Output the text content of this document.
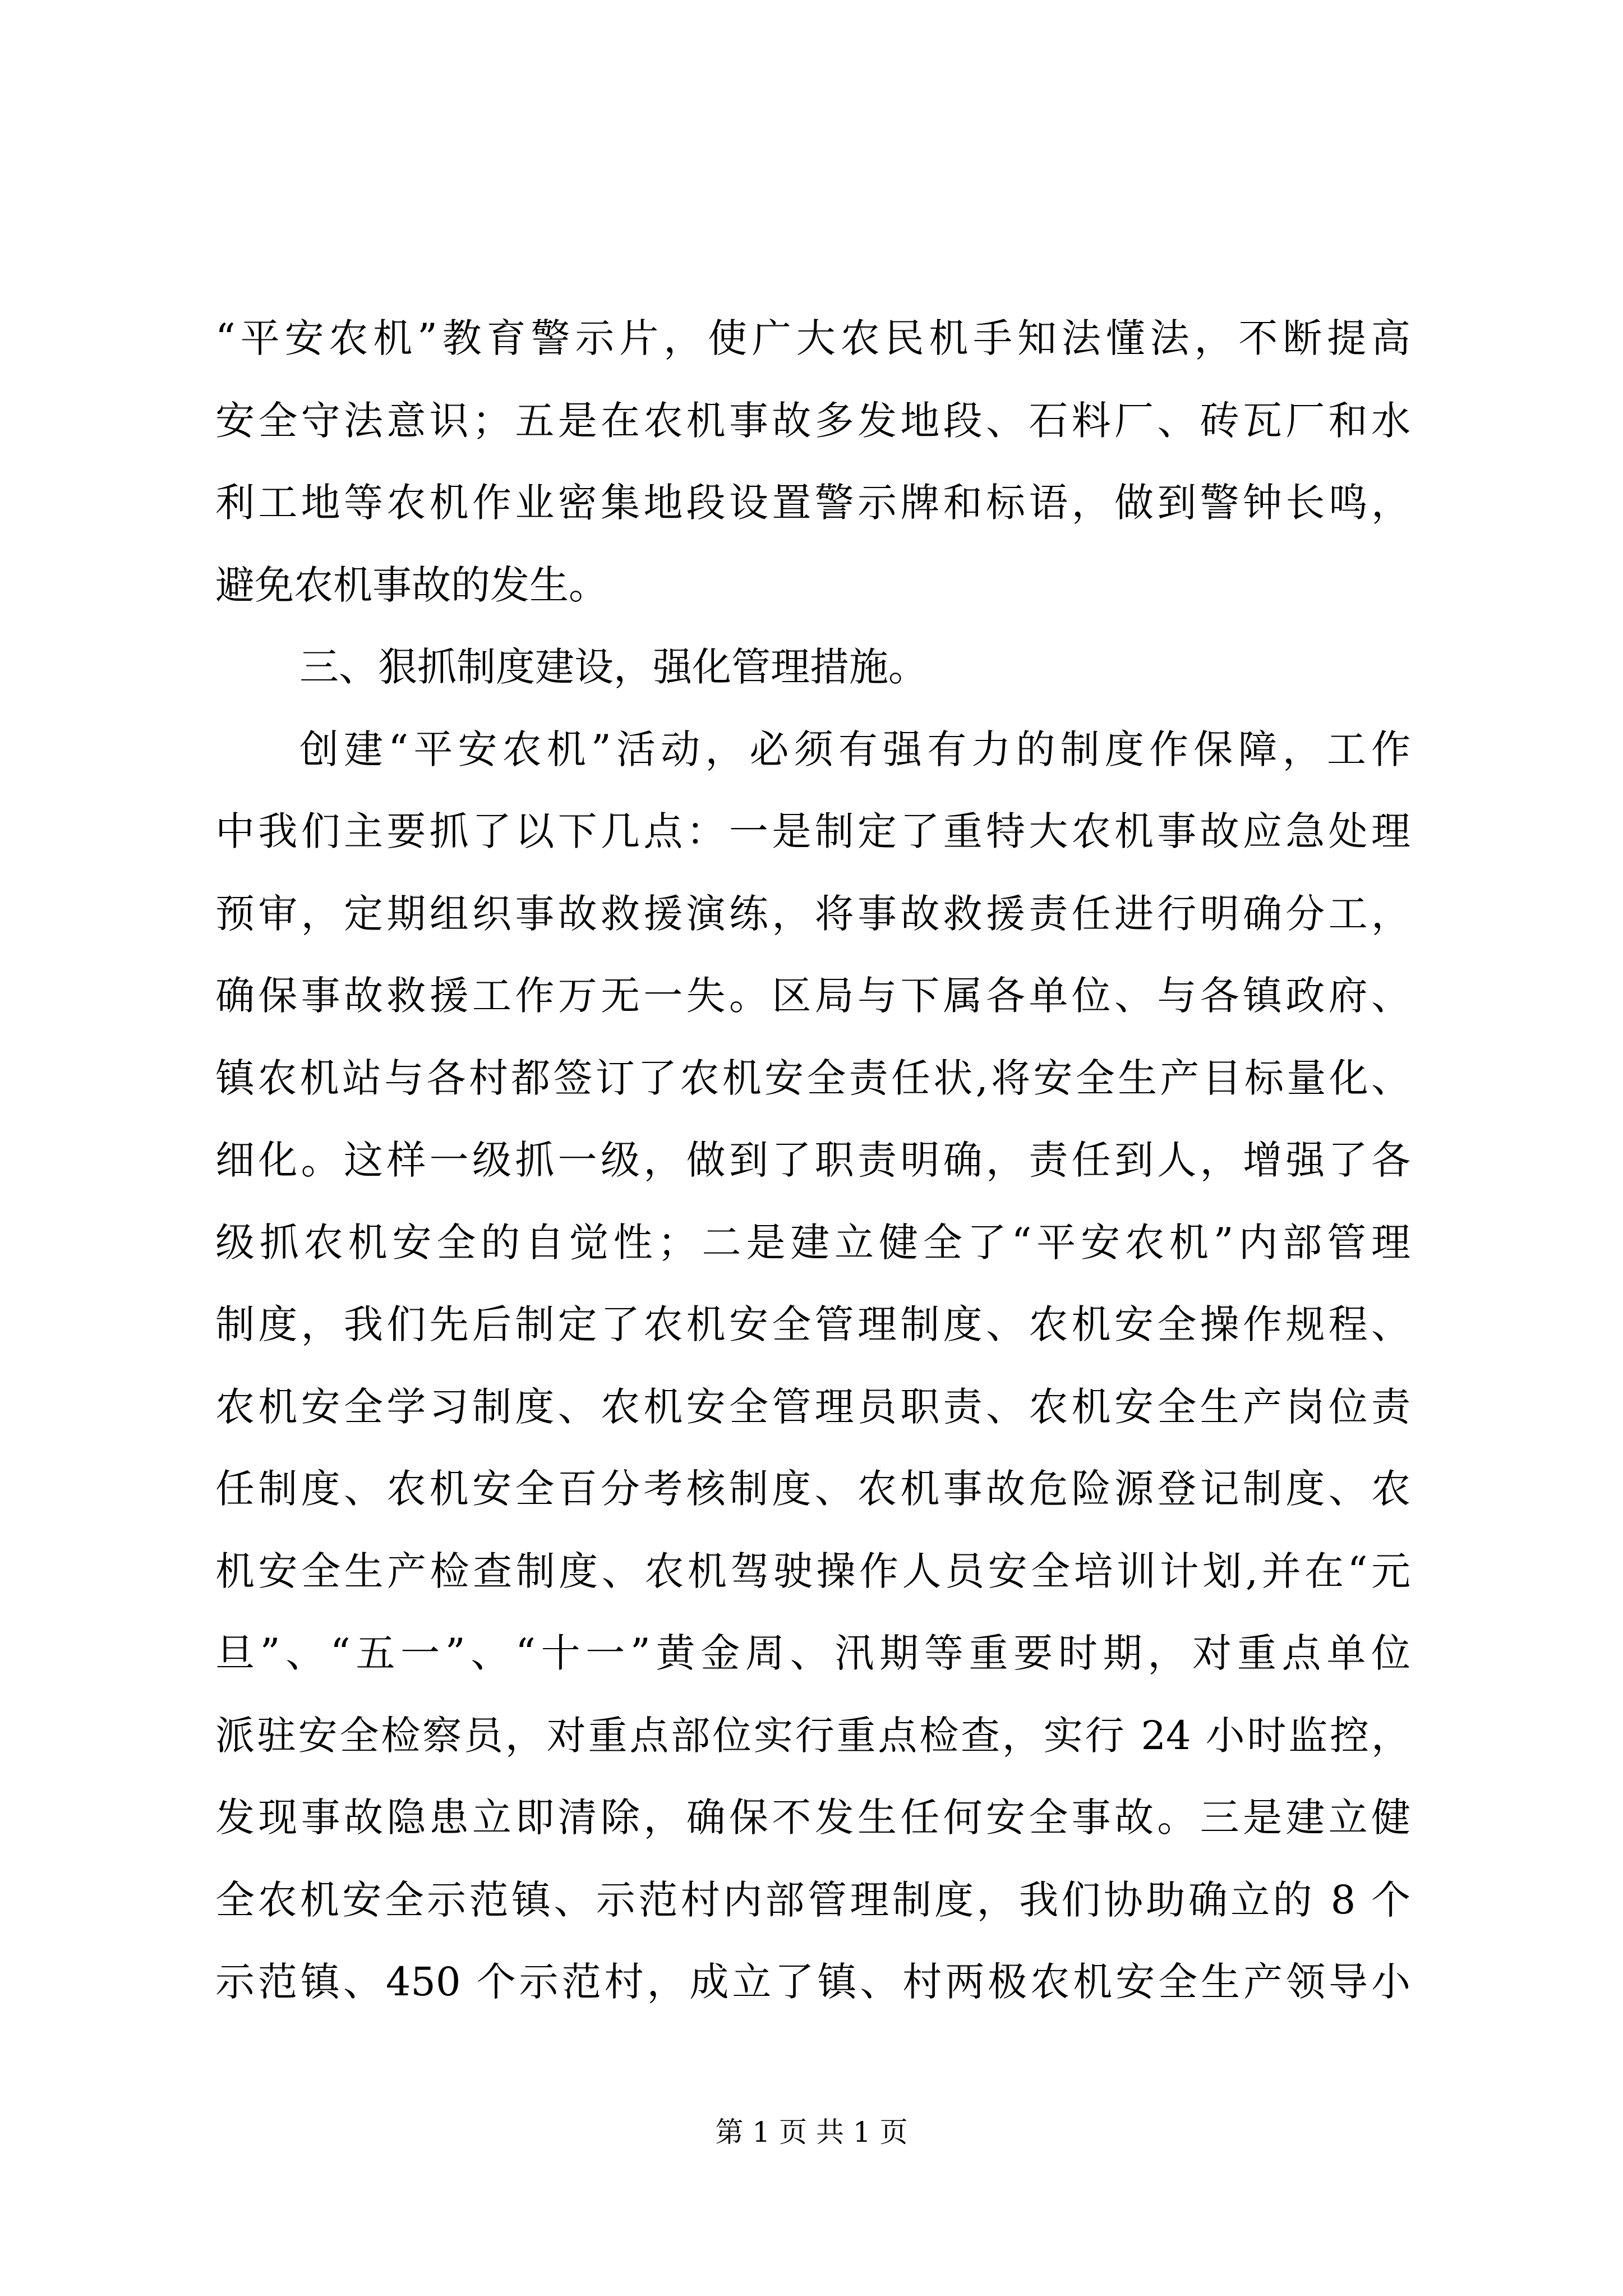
“平安农机”教育警示片，使广大农民机手知法懂法，不断提高
安全守法意识；五是在农机事故多发地段、石料厂、砖瓦厂和水
利工地等农机作业密集地段设置警示牌和标语，做到警钟长鸣，
避免农机事故的发生。
三、狠抓制度建设，强化管理措施。
创建“平安农机”活动，必须有强有力的制度作保障，工作
中我们主要抓了以下几点：一是制定了重特大农机事故应急处理
预审，定期组织事故救援演练，将事故救援责任进行明确分工，
确保事故救援工作万无一失。区局与下属各单位、与各镇政府、
镇农机站与各村都签订了农机安全责任状,将安全生产目标量化、
细化。这样一级抓一级，做到了职责明确，责任到人，增强了各
级抓农机安全的自觉性；二是建立健全了“平安农机”内部管理
制度，我们先后制定了农机安全管理制度、农机安全操作规程、
农机安全学习制度、农机安全管理员职责、农机安全生产岗位责
任制度、农机安全百分考核制度、农机事故危险源登记制度、农
机安全生产检查制度、农机驾驶操作人员安全培训计划,并在“元
旦”、“五一”、“十一”黄金周、汛期等重要时期，对重点单位
派驻安全检察员，对重点部位实行重点检查，实行 24 小时监控，
发现事故隐患立即清除，确保不发生任何安全事故。三是建立健
全农机安全示范镇、示范村内部管理制度，我们协助确立的 8 个
示范镇、450 个示范村，成立了镇、村两极农机安全生产领导小
第 1 页 共 1 页
